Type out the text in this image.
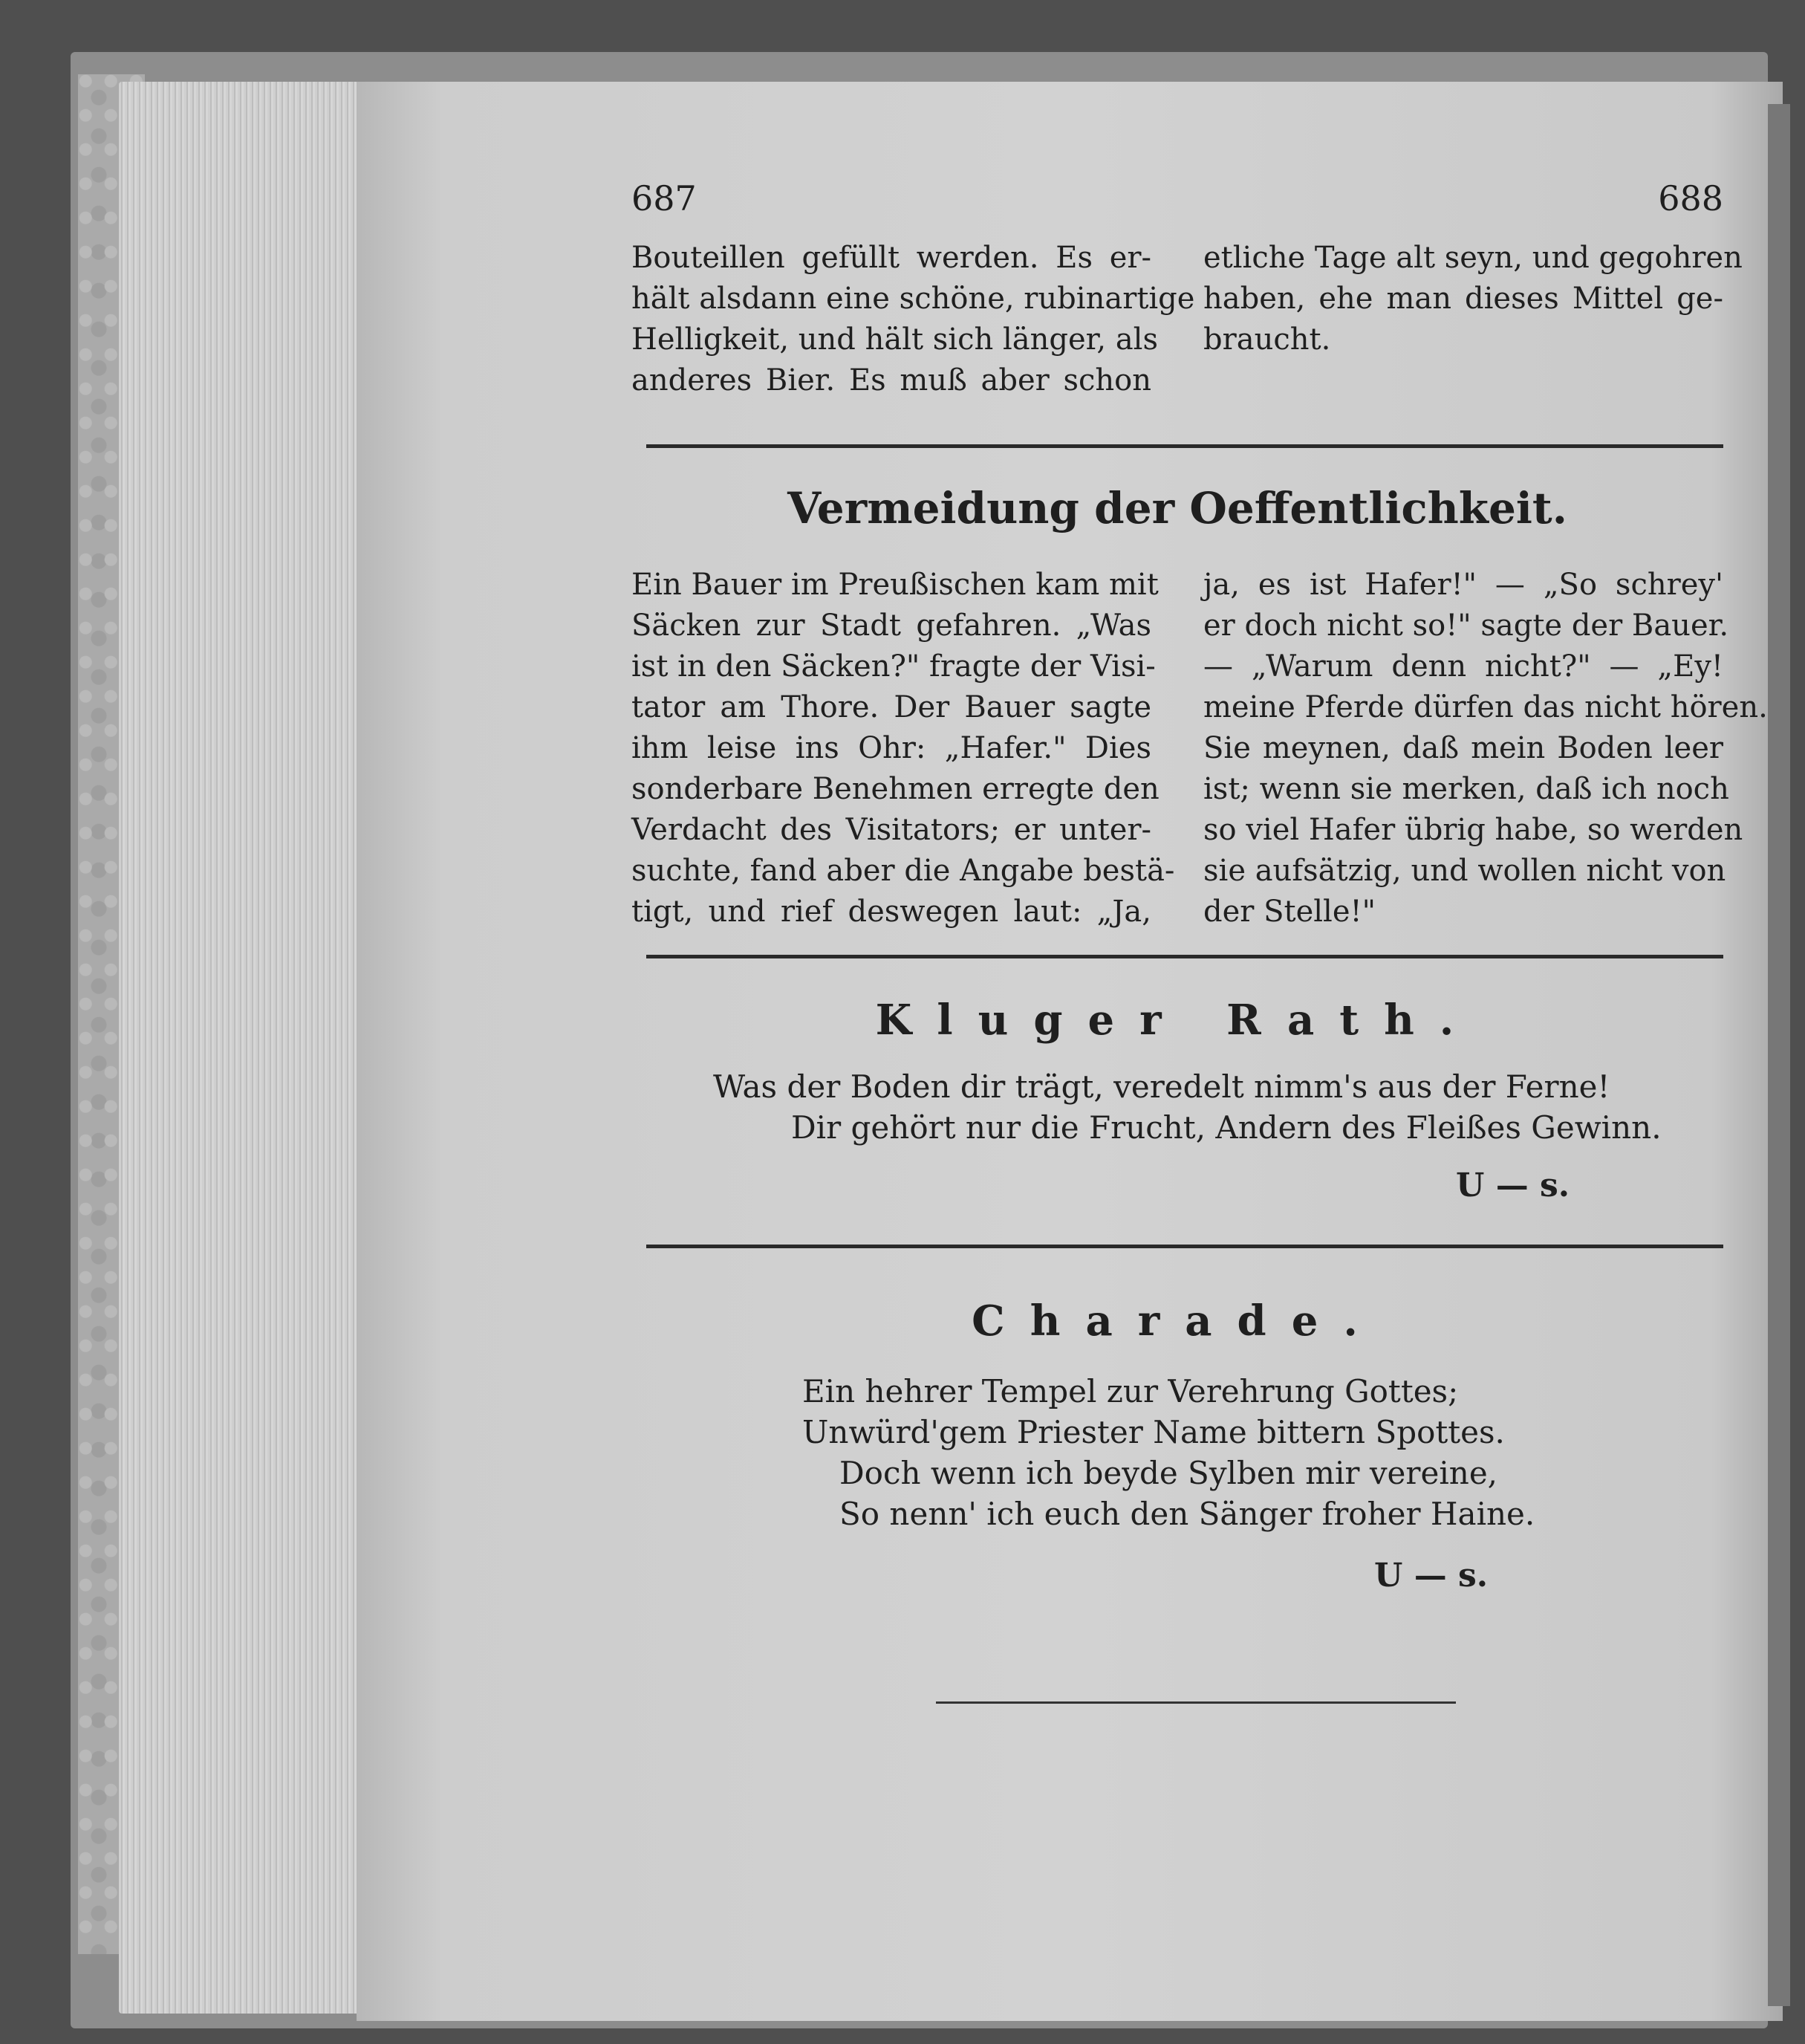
687	688
Bouteillen gefüllt werden. Es er-
hält alsdann eine schöne, rubinartige
Helligkeit, und hält sich länger, als
anderes Bier. Es muß aber schon
etliche Tage alt seyn, und gegohren
haben, ehe man dieses Mittel ge-
braucht.
Vermeidung der Oeffentlichkeit.
Ein Bauer im Preußischen kam mit
Säcken zur Stadt gefahren. „Was
ist in den Säcken?" fragte der Visi-
tator am Thore. Der Bauer sagte
ihm leise ins Ohr: „Hafer." Dies
sonderbare Benehmen erregte den
Verdacht des Visitators; er unter-
suchte, fand aber die Angabe bestä-
tigt, und rief deswegen laut: „Ja,
ja, es ist Hafer!" — „So schrey'
er doch nicht so!" sagte der Bauer.
— „Warum denn nicht?" — „Ey!
meine Pferde dürfen das nicht hören.
Sie meynen, daß mein Boden leer
ist; wenn sie merken, daß ich noch
so viel Hafer übrig habe, so werden
sie aufsätzig, und wollen nicht von
der Stelle!"
Kluger Rath.
Was der Boden dir trägt, veredelt nimm's aus der Ferne!
Dir gehört nur die Frucht, Andern des Fleißes Gewinn.
U — s.
Charade.
Ein hehrer Tempel zur Verehrung Gottes;
Unwürd'gem Priester Name bittern Spottes.
Doch wenn ich beyde Sylben mir vereine,
So nenn' ich euch den Sänger froher Haine.
U — s.
